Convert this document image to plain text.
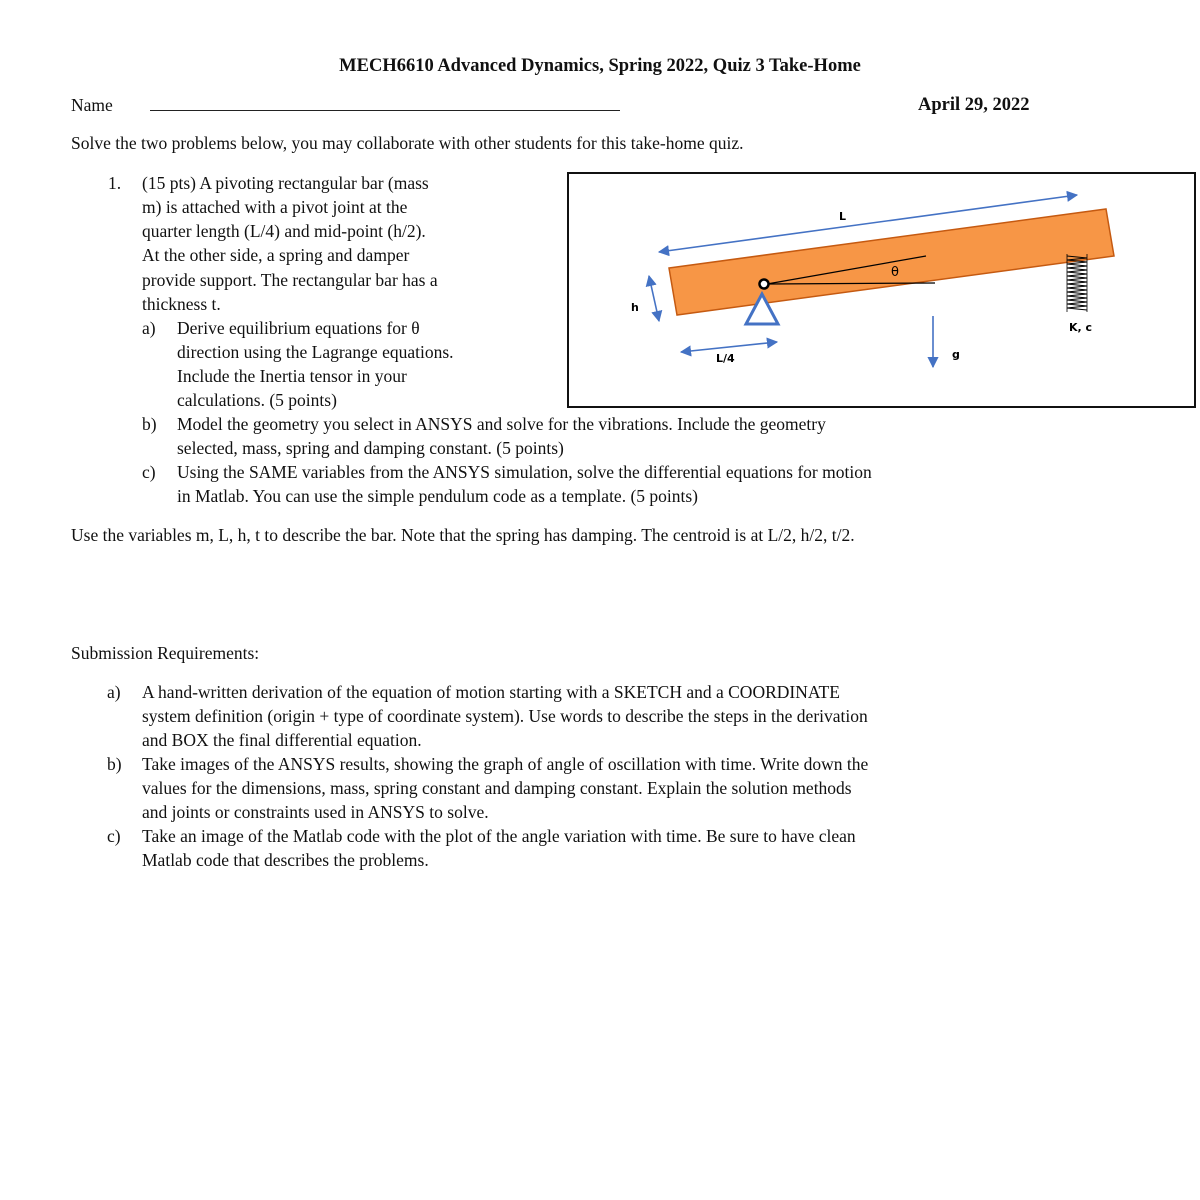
MECH6610 Advanced Dynamics, Spring 2022, Quiz 3 Take-Home
Name	April 29, 2022
Solve the two problems below, you may collaborate with other students for this take-home quiz.
1. (15 pts) A pivoting rectangular bar (mass
m) is attached with a pivot joint at the
quarter length (L/4) and mid-point (h/2).
At the other side, a spring and damper
provide support. The rectangular bar has a
thickness t.
a) Derive equilibrium equations for θ
direction using the Lagrange equations.
Include the Inertia tensor in your
calculations. (5 points)
b) Model the geometry you select in ANSYS and solve for the vibrations. Include the geometry
selected, mass, spring and damping constant. (5 points)
c) Using the SAME variables from the ANSYS simulation, solve the differential equations for motion
in Matlab. You can use the simple pendulum code as a template. (5 points)
Use the variables m, L, h, t to describe the bar. Note that the spring has damping. The centroid is at L/2, h/2, t/2.
L
θ
h
L/4	g
K, c
Submission Requirements:
a) A hand-written derivation of the equation of motion starting with a SKETCH and a COORDINATE
system definition (origin + type of coordinate system). Use words to describe the steps in the derivation
and BOX the final differential equation.
b) Take images of the ANSYS results, showing the graph of angle of oscillation with time. Write down the
values for the dimensions, mass, spring constant and damping constant. Explain the solution methods
and joints or constraints used in ANSYS to solve.
c) Take an image of the Matlab code with the plot of the angle variation with time. Be sure to have clean
Matlab code that describes the problems.
